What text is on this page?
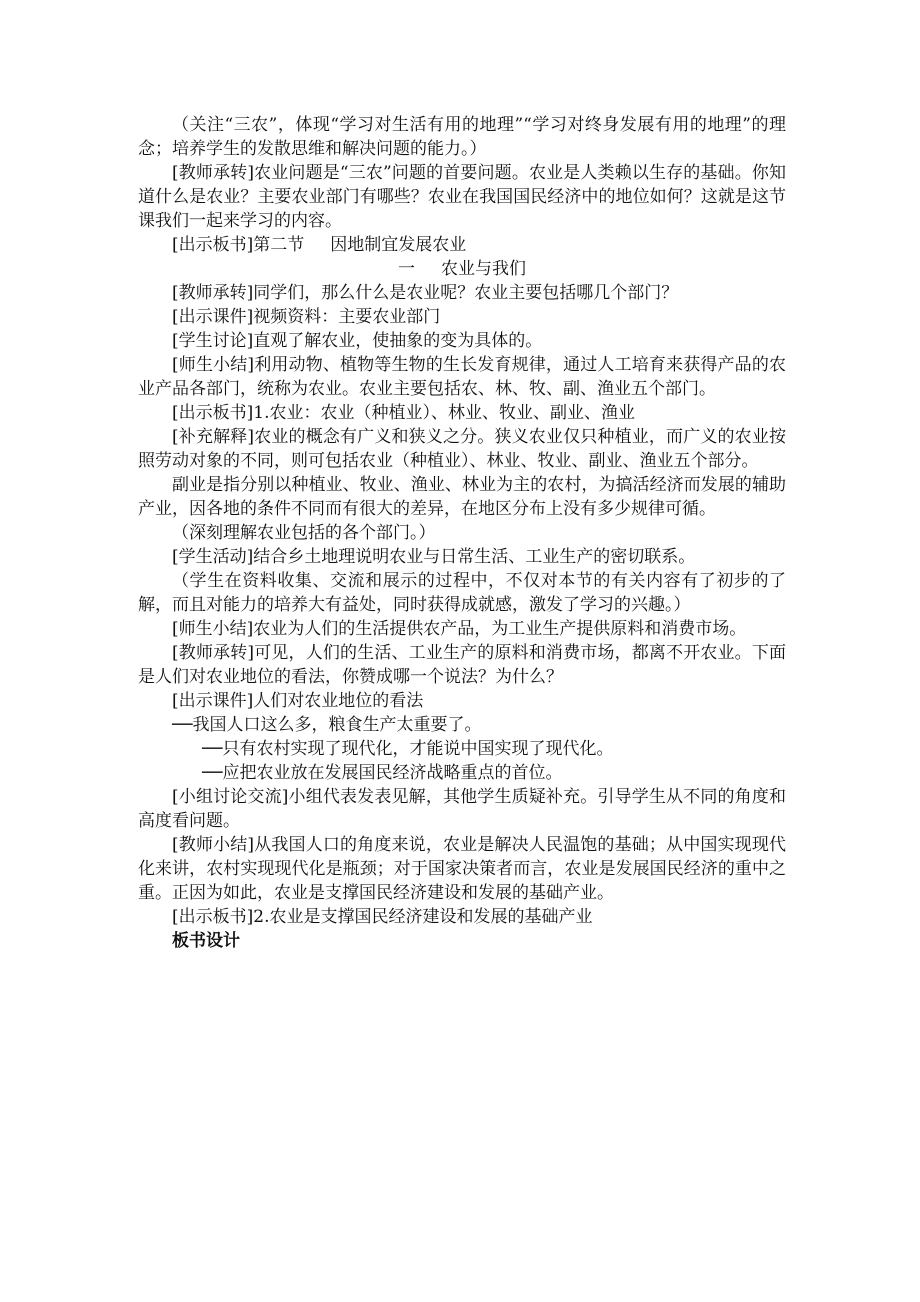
（关注“三农”，体现“学习对生活有用的地理”“学习对终身发展有用的地理”的理念；培养学生的发散思维和解决问题的能力。）

[教师承转]农业问题是“三农”问题的首要问题。农业是人类赖以生存的基础。你知道什么是农业？主要农业部门有哪些？农业在我国国民经济中的地位如何？这就是这节课我们一起来学习的内容。

[出示板书]第二节 因地制宜发展农业

一 农业与我们

[教师承转]同学们，那么什么是农业呢？农业主要包括哪几个部门？

[出示课件]视频资料：主要农业部门

[学生讨论]直观了解农业，使抽象的变为具体的。

[师生小结]利用动物、植物等生物的生长发育规律，通过人工培育来获得产品的农业产品各部门，统称为农业。农业主要包括农、林、牧、副、渔业五个部门。

[出示板书]1.农业：农业（种植业）、林业、牧业、副业、渔业

[补充解释]农业的概念有广义和狭义之分。狭义农业仅只种植业，而广义的农业按照劳动对象的不同，则可包括农业（种植业）、林业、牧业、副业、渔业五个部分。

副业是指分别以种植业、牧业、渔业、林业为主的农村，为搞活经济而发展的辅助产业，因各地的条件不同而有很大的差异，在地区分布上没有多少规律可循。

（深刻理解农业包括的各个部门。）

[学生活动]结合乡土地理说明农业与日常生活、工业生产的密切联系。

（学生在资料收集、交流和展示的过程中，不仅对本节的有关内容有了初步的了解，而且对能力的培养大有益处，同时获得成就感，激发了学习的兴趣。）

[师生小结]农业为人们的生活提供农产品，为工业生产提供原料和消费市场。

[教师承转]可见，人们的生活、工业生产的原料和消费市场，都离不开农业。下面是人们对农业地位的看法，你赞成哪一个说法？为什么？

[出示课件]人们对农业地位的看法

──我国人口这么多，粮食生产太重要了。

──只有农村实现了现代化，才能说中国实现了现代化。

──应把农业放在发展国民经济战略重点的首位。

[小组讨论交流]小组代表发表见解，其他学生质疑补充。引导学生从不同的角度和高度看问题。

[教师小结]从我国人口的角度来说，农业是解决人民温饱的基础；从中国实现现代化来讲，农村实现现代化是瓶颈；对于国家决策者而言，农业是发展国民经济的重中之重。正因为如此，农业是支撑国民经济建设和发展的基础产业。

[出示板书]2.农业是支撑国民经济建设和发展的基础产业

板书设计
